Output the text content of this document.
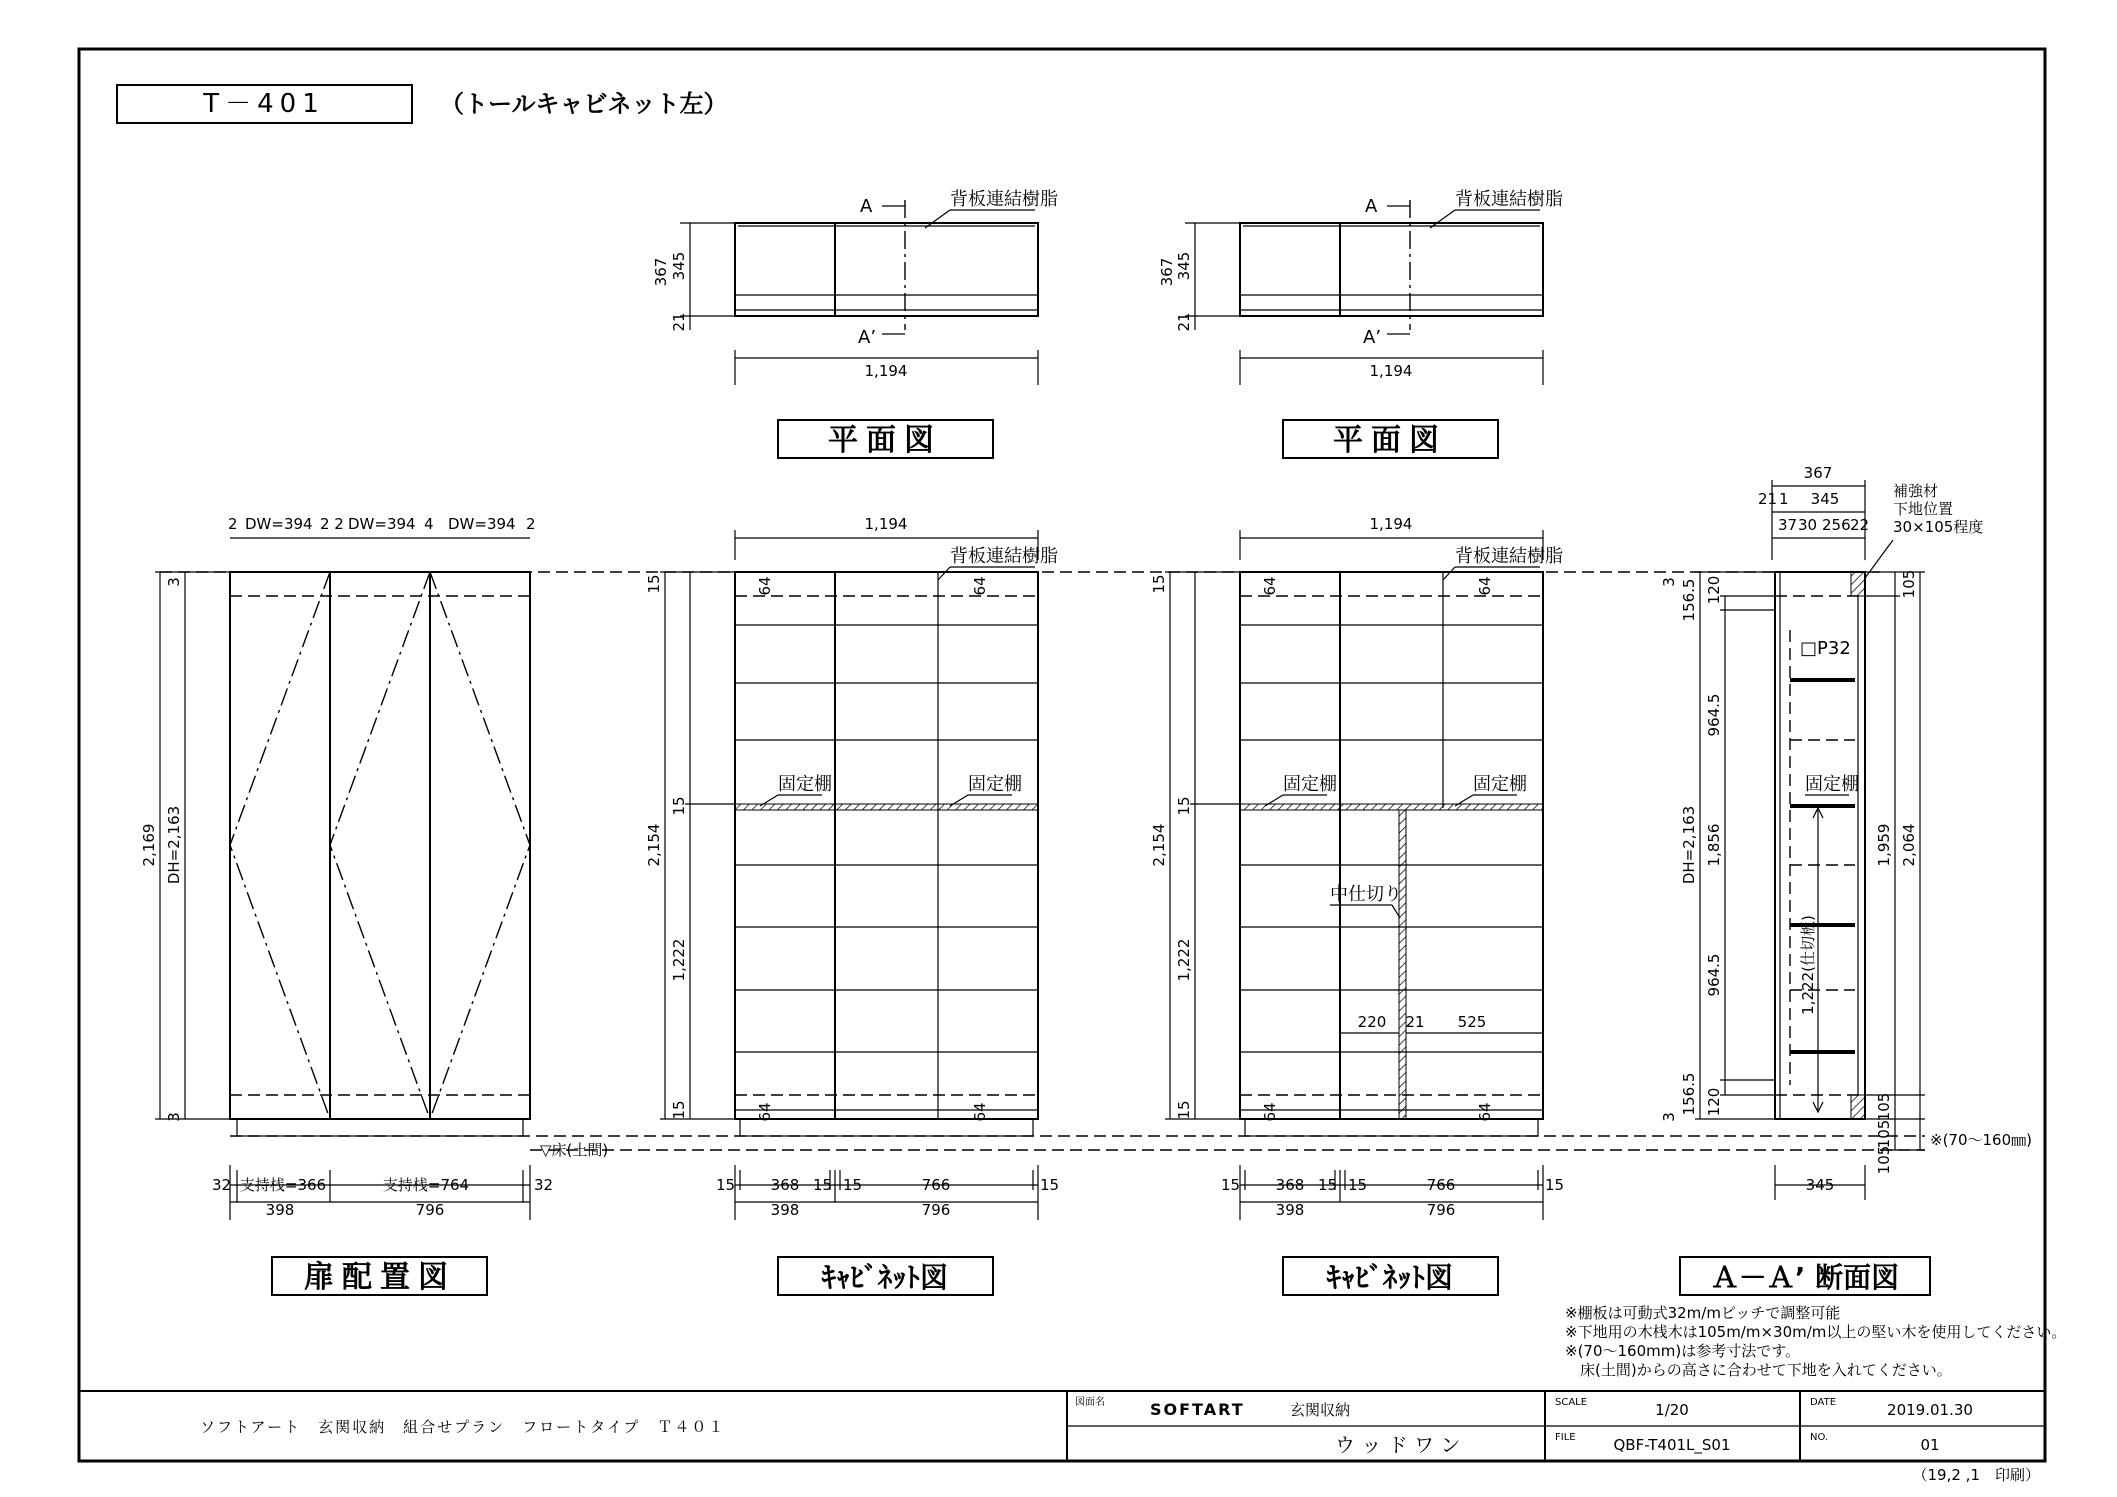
T－401	（トールキャビネット左）
A
A’
背板連結樹脂
367 345
21
1,194
平面図
A
A’
背板連結樹脂
367 345
21
1,194
平面図
2 DW=394 2 2 DW=394 4 DW=394 2
2,169 DH=2,163
3
3
32	32
支持桟=366	支持桟=764
398	796
扉配置図
1,194
固定棚	固定棚
背板連結樹脂
64	64
64	64
2,154
1,222
15
15
15
15 368 15 15	766	15
398	796
ｷｬﾋﾞﾈｯﾄ図
1,194
固定棚	固定棚
中仕切り
背板連結樹脂
220 21 525
64	64
64	64
2,154
1,222
15
15
15
15 368 15 15	766	15
398	796
ｷｬﾋﾞﾈｯﾄ図
367
21 1 345
37 30 256 22
補強材
下地位置
30×105程度
1,222(仕切板)
□P32
固定棚
DH=2,163 1,856
964.5
964.5
156.5
156.5
120
120
3
3
105
1,959 2,064
105
105
105
※(70～160㎜)
345
Ａ－Ａ’ 断面図
▽床(土間)
※棚板は可動式32m/mピッチで調整可能
※下地用の木桟木は105m/m×30m/m以上の堅い木を使用してください。
※(70～160mm)は参考寸法です。
　床(土間)からの高さに合わせて下地を入れてください。
ソフトアート　玄関収納　組合せプラン　フロートタイプ　Ｔ４０１
図面名	SOFTART	玄関収納
ウ ッ ド ワ ン
SCALE	1/20
FILE	QBF-T401L_S01
DATE	2019.01.30
NO.	01
（19,2 ,1　印刷）
